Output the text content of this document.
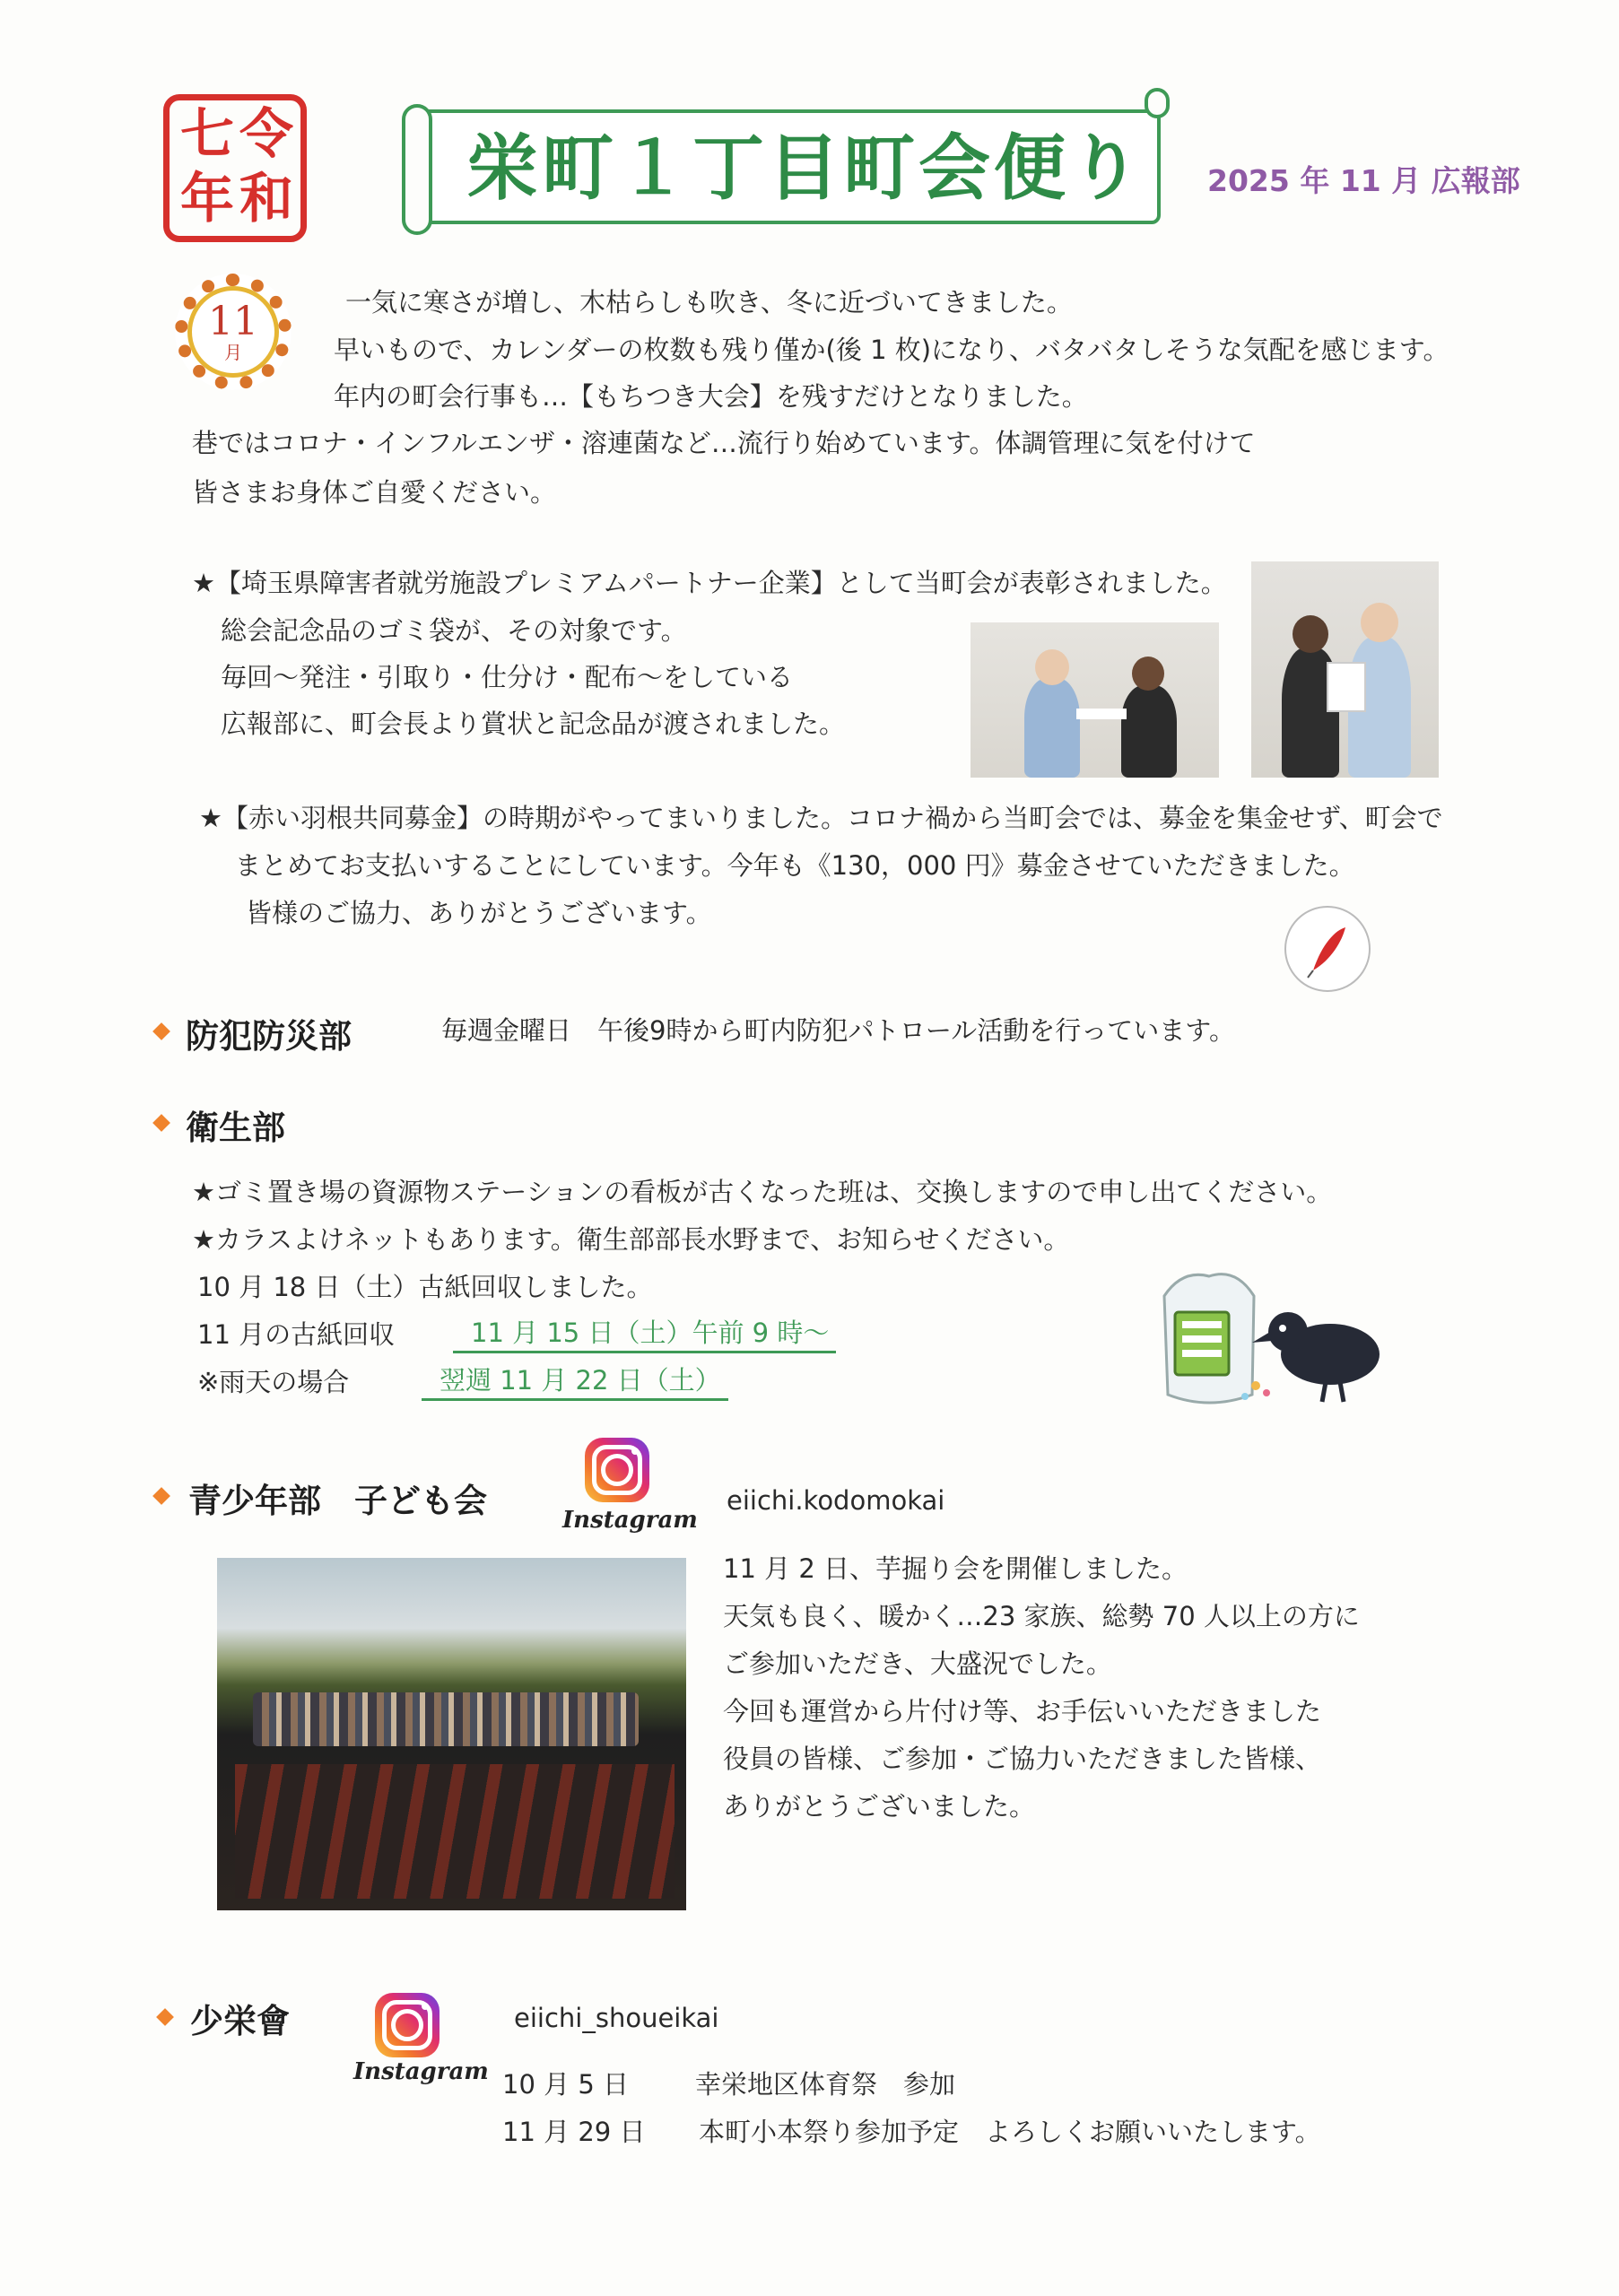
令
和
七
年	栄町１丁目町会便り 2025 年 11 月 広報部
11
月
一気に寒さが増し、木枯らしも吹き、冬に近づいてきました。
早いもので、カレンダーの枚数も残り僅か(後 1 枚)になり、バタバタしそうな気配を感じます。
年内の町会行事も…【もちつき大会】を残すだけとなりました。
巷ではコロナ・インフルエンザ・溶連菌など…流行り始めています。体調管理に気を付けて
皆さまお身体ご自愛ください。
★【埼玉県障害者就労施設プレミアムパートナー企業】として当町会が表彰されました。
総会記念品のゴミ袋が、その対象です。
毎回～発注・引取り・仕分け・配布～をしている
広報部に、町会長より賞状と記念品が渡されました。
★【赤い羽根共同募金】の時期がやってまいりました。コロナ禍から当町会では、募金を集金せず、町会で
まとめてお支払いすることにしています。今年も《130，000 円》募金させていただきました。
皆様のご協力、ありがとうございます。
防犯防災部	毎週金曜日　午後9時から町内防犯パトロール活動を行っています。
衛生部
★ゴミ置き場の資源物ステーションの看板が古くなった班は、交換しますので申し出てください。
★カラスよけネットもあります。衛生部部長水野まで、お知らせください。
10 月 18 日（土）古紙回収しました。
11 月の古紙回収	11 月 15 日（土）午前 9 時～
※雨天の場合	翌週 11 月 22 日（土）
青少年部　子ども会	Instagram
eiichi.kodomokai
11 月 2 日、芋掘り会を開催しました。
天気も良く、暖かく…23 家族、総勢 70 人以上の方に
ご参加いただき、大盛況でした。
今回も運営から片付け等、お手伝いいただきました
役員の皆様、ご参加・ご協力いただきました皆様、
ありがとうございました。
少栄會
Instagram
eiichi_shoueikai
10 月 5 日	幸栄地区体育祭　参加
11 月 29 日 本町小本祭り参加予定　よろしくお願いいたします。
